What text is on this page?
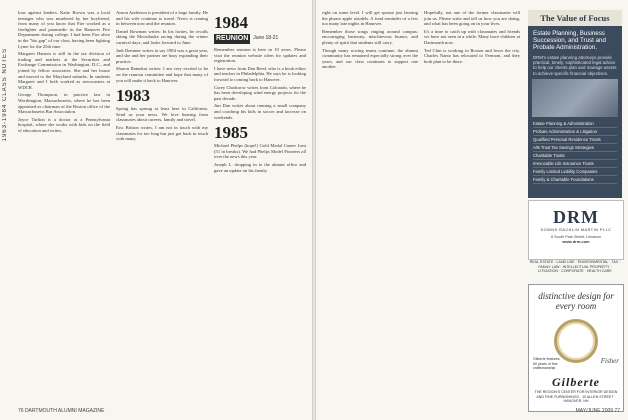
1963-1984 CLASS NOTES

lous against lenders. Katie Brown was a local teenager who was murdered by her boyfriend, from many of you know that Fire worked as a firefighter and paramedic in the Hanover Fire Department during college. I had been Fire alive in the "bio gap" of our class, having been fighting Lyme for the 25th time.

Margaret Hansen is still in the tax division of trading and markets at the Securities and Exchange Commission in Washington, D.C., and joined by fellow associates. She and her house and moved to the Maryland suburbs. In students Margaret and I both worked as newscasters at WDCR.

George Thompson, in practice law in Worthington, Massachusetts, where he has been appointed as chairman of the Boston office of the Massachusetts Bar Association.

Joyce Tarlton is a doctor at a Pennsylvania hospital, where she works with kids on the field of education and writes.

Anson Anderson is president of a large family. He and his wife continue to travel. News is coming in between now and the reunion.

Daniel Bowman writes: In his forties, he recalls skiing the Moosilauke racing during the winter carnival days, and looks forward to June.

Judi Deminer writes to say 1984 was a great year, and she and her partner are busy expanding their practice.

Sharon Ratnekar writes: I am very excited to be on the reunion committee and hope that many of you will make it back to Hanover.

1983

Spring has sprung at least here in California. Send us your news. We love hearing from classmates about careers, family and travel.

Eric Britton writes, I am not in touch with my classmates for too long but just got back in touch with many.

1984
REUNION	June 18-21

Remember reunion is here in 10 years. Please visit the reunion website often for updates and registration.

I have news from Dan Reed, who is a book editor and teacher in Philadelphia. He says he is looking forward to coming back to Hanover.

Corey Chodorow writes from Colorado, where he has been developing wind energy projects for the past decade.

Jim Dan writes about running a small company and coaching his kids in soccer and lacrosse on weekends.

1985

Michael Phelps (hope!) Gold Medal Career Lent (51 in breaks). We had Phelps Model Pioneers all over the news this year.

Joseph L. dropping in to the alumni office and gave an update on his family.

76 DARTMOUTH ALUMNI MAGAZINE

right on some level. I will get spouse just hearing the phrase apple strudels. A fond reminder of a few too many late nights in Hanover.

Remember those songs ringing around campus: encouraging harmony, mischievous humor, and plenty of spirit that students still carry.

Though many rowing teams continue, the alumni community has remained especially strong over the years, and our class continues to support one another.

Hopefully, not one of the former classmates will join us. Please write and tell us how you are doing, and what has been going on in your lives.

It's a time to catch up with classmates and friends we have not seen in a while. Many have children at Dartmouth now.

Ted Chin is working in Boston and loves the city. Charles Nantz has relocated to Vermont, and they both plan to be there.

The Value of Focus
Estate Planning, Business Succession, and Trust and Probate Administration.
DRM's estate planning attorneys provide practical, timely, sophisticated legal advice to help our clients plan and manage assets to achieve specific financial objectives.
Estate Planning & Administration
Probate Administration & Litigation
Qualified Personal Residence Trusts
A/B Trust Tax Savings Strategies
Charitable Trusts
Irrevocable Life Insurance Trusts
Family Limited Liability Companies
Family & Charitable Foundations
DRM
DOWNS RACHLIN MARTIN PLLC
6 South Park Street, Lebanon
www.drm.com
REAL ESTATE · LAND USE · ENVIRONMENTAL · TAX · FAMILY LAW · INTELLECTUAL PROPERTY · LITIGATION · CORPORATE · HEALTH CARE
distinctive design for every room
Gilberte features 60 years of fine craftsmanship
Fisher
Gilberte
THE REGION'S CENTER FOR INTERIOR DESIGN AND FINE FURNISHINGS · 10 ALLEN STREET · HANOVER, NH
MAY/JUNE 2009 77
